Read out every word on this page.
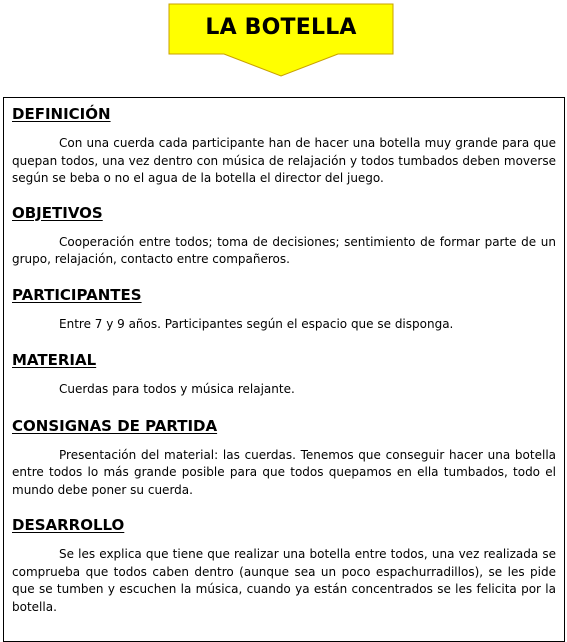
LA BOTELLA
DEFINICIÓN

Con una cuerda cada participante han de hacer una botella muy grande para que quepan todos, una vez dentro con música de relajación y todos tumbados deben moverse según se beba o no el agua de la botella el director del juego.

OBJETIVOS

Cooperación entre todos; toma de decisiones; sentimiento de formar parte de un grupo, relajación, contacto entre compañeros.

PARTICIPANTES

Entre 7 y 9 años. Participantes según el espacio que se disponga.

MATERIAL

Cuerdas para todos y música relajante.

CONSIGNAS DE PARTIDA

Presentación del material: las cuerdas. Tenemos que conseguir hacer una botella entre todos lo más grande posible para que todos quepamos en ella tumbados, todo el mundo debe poner su cuerda.

DESARROLLO

Se les explica que tiene que realizar una botella entre todos, una vez realizada se comprueba que todos caben dentro (aunque sea un poco espachurradillos), se les pide que se tumben y escuchen la música, cuando ya están concentrados se les felicita por la botella.
